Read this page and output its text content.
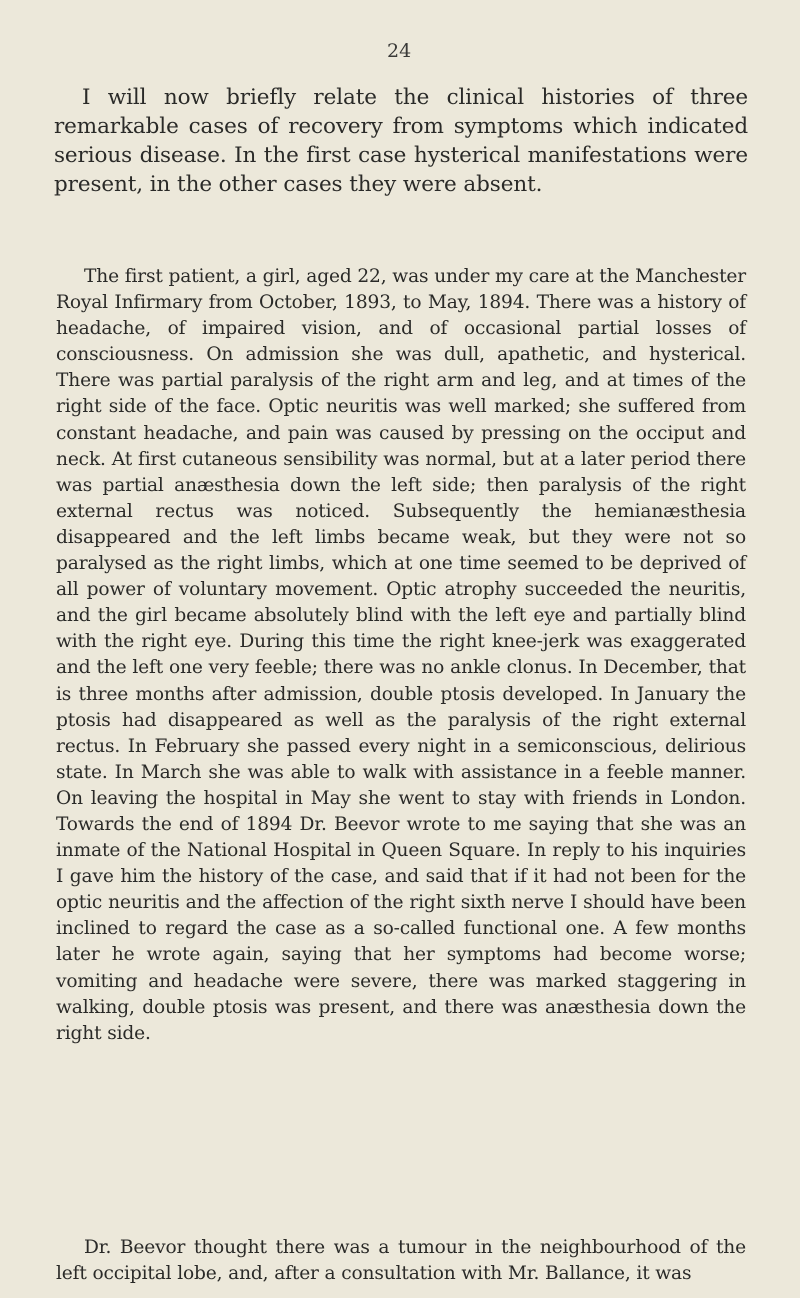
24

I will now briefly relate the clinical histories of three remarkable cases of recovery from symptoms which indicated serious disease. In the first case hysterical manifestations were present, in the other cases they were absent.

The first patient, a girl, aged 22, was under my care at the Manchester Royal Infirmary from October, 1893, to May, 1894. There was a history of headache, of impaired vision, and of occasional partial losses of consciousness. On admission she was dull, apathetic, and hysterical. There was partial paralysis of the right arm and leg, and at times of the right side of the face. Optic neuritis was well marked; she suffered from constant headache, and pain was caused by pressing on the occiput and neck. At first cutaneous sensibility was normal, but at a later period there was partial anæsthesia down the left side; then paralysis of the right external rectus was noticed. Subsequently the hemianæsthesia disappeared and the left limbs became weak, but they were not so paralysed as the right limbs, which at one time seemed to be deprived of all power of voluntary movement. Optic atrophy succeeded the neuritis, and the girl became absolutely blind with the left eye and partially blind with the right eye. During this time the right knee-jerk was exaggerated and the left one very feeble; there was no ankle clonus. In December, that is three months after admission, double ptosis developed. In January the ptosis had disappeared as well as the paralysis of the right external rectus. In February she passed every night in a semiconscious, delirious state. In March she was able to walk with assistance in a feeble manner. On leaving the hospital in May she went to stay with friends in London. Towards the end of 1894 Dr. Beevor wrote to me saying that she was an inmate of the National Hospital in Queen Square. In reply to his inquiries I gave him the history of the case, and said that if it had not been for the optic neuritis and the affection of the right sixth nerve I should have been inclined to regard the case as a so-called functional one. A few months later he wrote again, saying that her symptoms had become worse; vomiting and headache were severe, there was marked staggering in walking, double ptosis was present, and there was anæsthesia down the right side.

Dr. Beevor thought there was a tumour in the neighbourhood of the left occipital lobe, and, after a consultation with Mr. Ballance, it was
